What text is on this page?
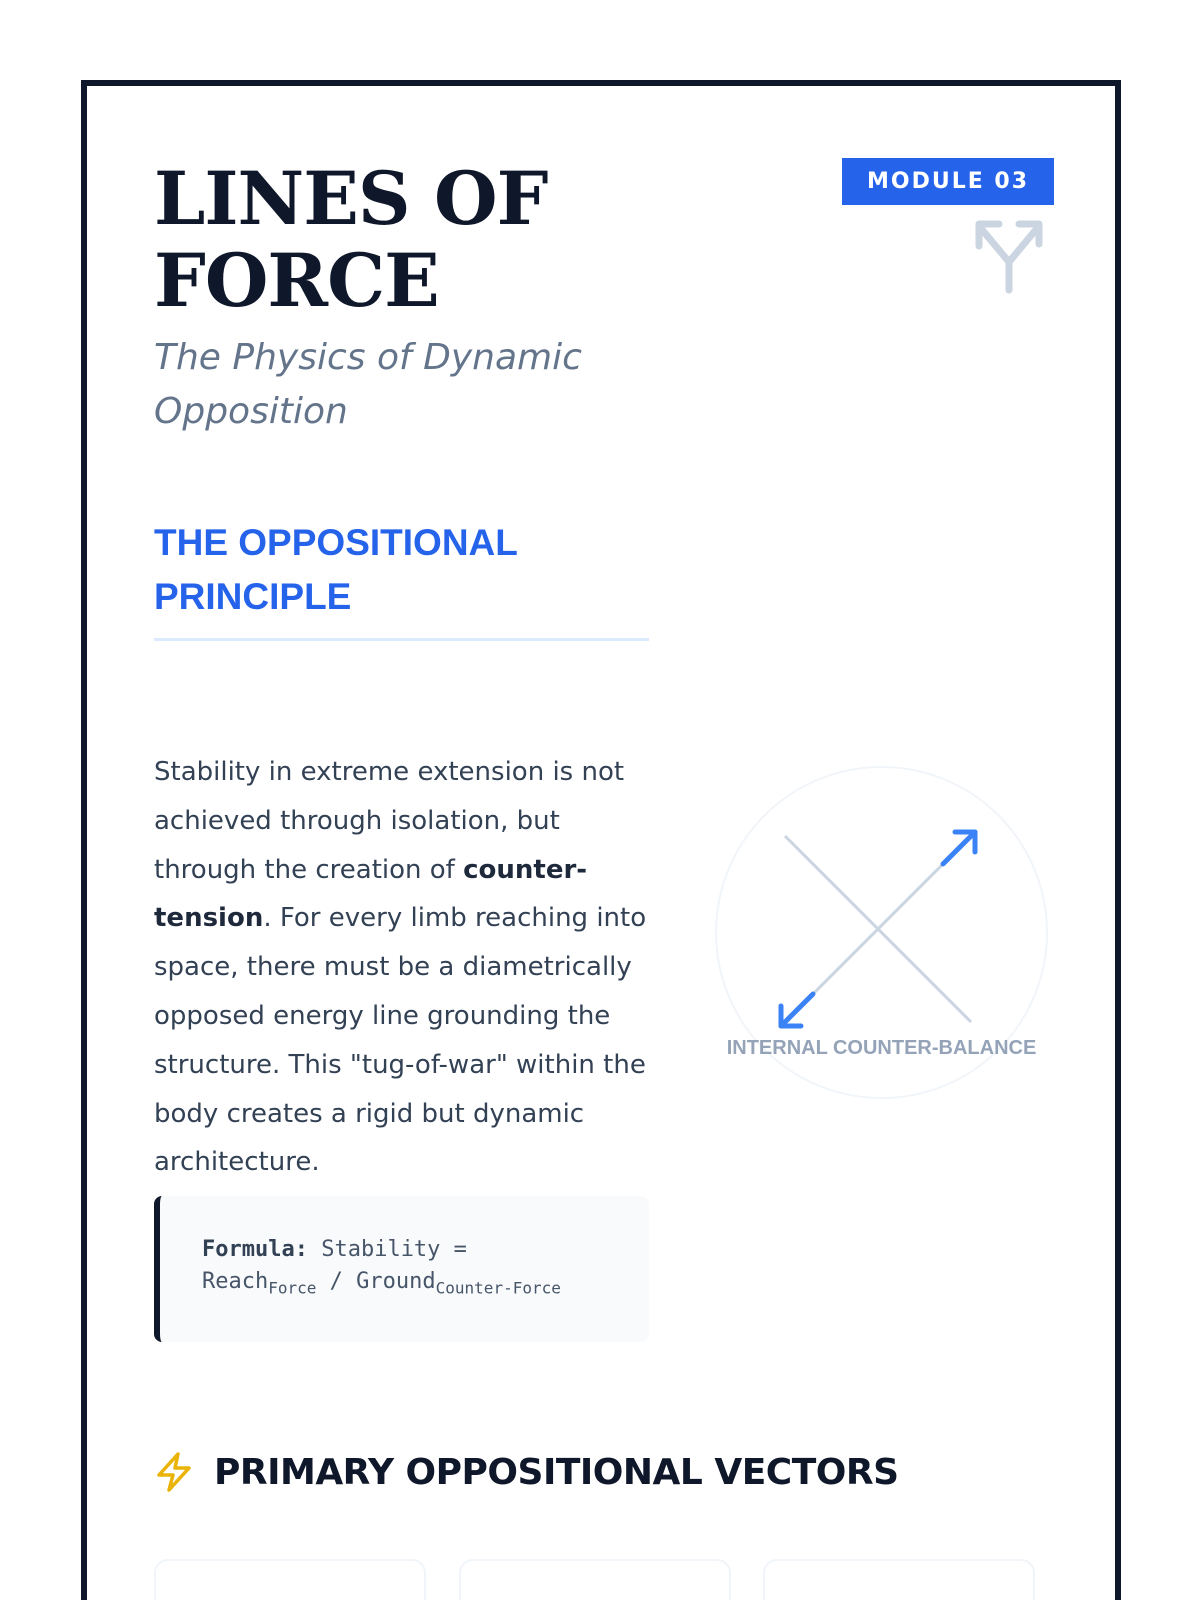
MODULE 03
LINES OF
FORCE
The Physics of Dynamic Opposition
THE OPPOSITIONAL PRINCIPLE

Stability in extreme extension is not achieved through isolation, but through the creation of counter-tension. For every limb reaching into space, there must be a diametrically opposed energy line grounding the structure. This "tug-of-war" within the body creates a rigid but dynamic architecture.

Formula: Stability =
Reach$_{Force}$ / Ground$_{Counter-Force}$
INTERNAL COUNTER-BALANCE
PRIMARY OPPOSITIONAL VECTORS
